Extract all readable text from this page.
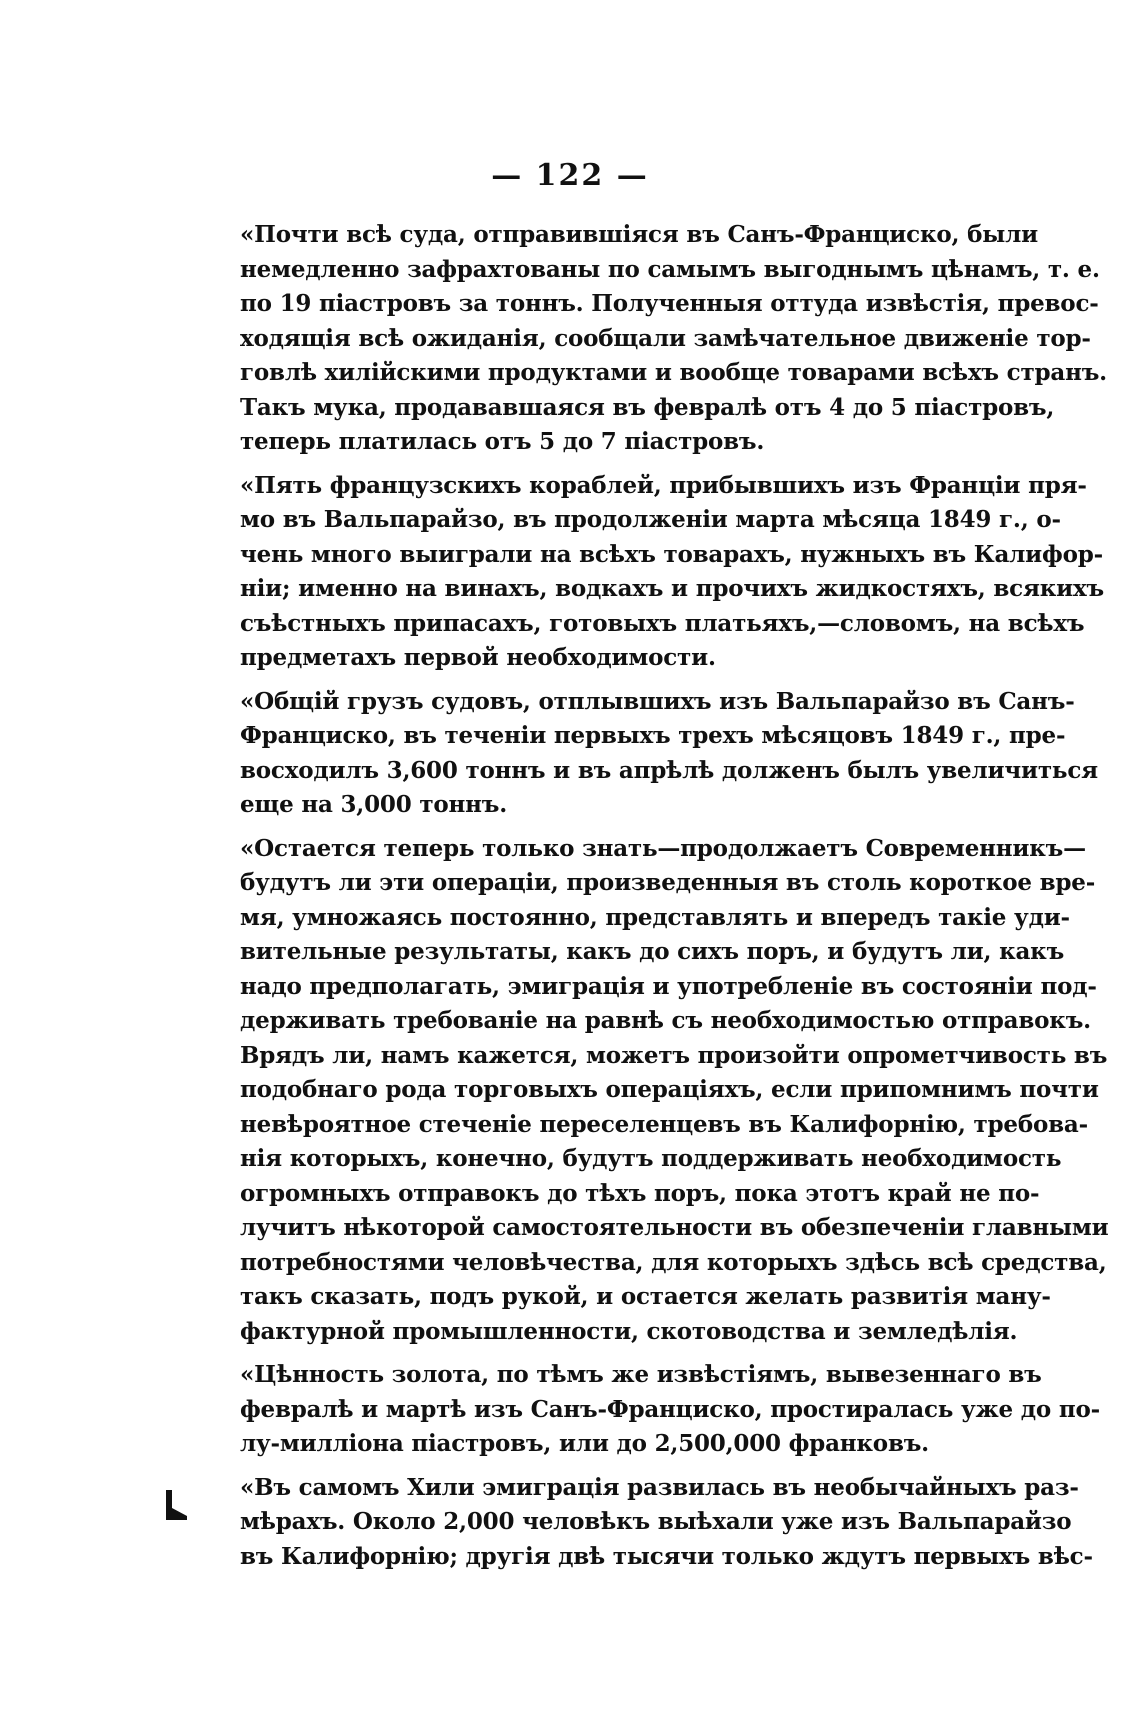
— 122 —
«Почти всѣ суда, отправившіяся въ Санъ-Франциско, были
немедленно зафрахтованы по самымъ выгоднымъ цѣнамъ, т. е.
по 19 піастровъ за тоннъ. Полученныя оттуда извѣстія, превос-
ходящія всѣ ожиданія, сообщали замѣчательное движеніе тор-
говлѣ хилійскими продуктами и вообще товарами всѣхъ странъ.
Такъ мука, продававшаяся въ февралѣ отъ 4 до 5 піастровъ,
теперь платилась отъ 5 до 7 піастровъ.
«Пять французскихъ кораблей, прибывшихъ изъ Франціи пря-
мо въ Вальпарайзо, въ продолженіи марта мѣсяца 1849 г., о-
чень много выиграли на всѣхъ товарахъ, нужныхъ въ Калифор-
ніи; именно на винахъ, водкахъ и прочихъ жидкостяхъ, всякихъ
съѣстныхъ припасахъ, готовыхъ платьяхъ,—словомъ, на всѣхъ
предметахъ первой необходимости.
«Общій грузъ судовъ, отплывшихъ изъ Вальпарайзо въ Санъ-
Франциско, въ теченіи первыхъ трехъ мѣсяцовъ 1849 г., пре-
восходилъ 3,600 тоннъ и въ апрѣлѣ долженъ былъ увеличиться
еще на 3,000 тоннъ.
«Остается теперь только знать—продолжаетъ Современникъ—
будутъ ли эти операціи, произведенныя въ столь короткое вре-
мя, умножаясь постоянно, представлять и впередъ такіе уди-
вительные результаты, какъ до сихъ поръ, и будутъ ли, какъ
надо предполагать, эмиграція и употребленіе въ состояніи под-
держивать требованіе на равнѣ съ необходимостью отправокъ.
Врядъ ли, намъ кажется, можетъ произойти опрометчивость въ
подобнаго рода торговыхъ операціяхъ, если припомнимъ почти
невѣроятное стеченіе переселенцевъ въ Калифорнію, требова-
нія которыхъ, конечно, будутъ поддерживать необходимость
огромныхъ отправокъ до тѣхъ поръ, пока этотъ край не по-
лучитъ нѣкоторой самостоятельности въ обезпеченіи главными
потребностями человѣчества, для которыхъ здѣсь всѣ средства,
такъ сказать, подъ рукой, и остается желать развитія ману-
фактурной промышленности, скотоводства и земледѣлія.
«Цѣнность золота, по тѣмъ же извѣстіямъ, вывезеннаго въ
февралѣ и мартѣ изъ Санъ-Франциско, простиралась уже до по-
лу-милліона піастровъ, или до 2,500,000 франковъ.
«Въ самомъ Хили эмиграція развилась въ необычайныхъ раз-
мѣрахъ. Около 2,000 человѣкъ выѣхали уже изъ Вальпарайзо
въ Калифорнію; другія двѣ тысячи только ждутъ первыхъ вѣс-
